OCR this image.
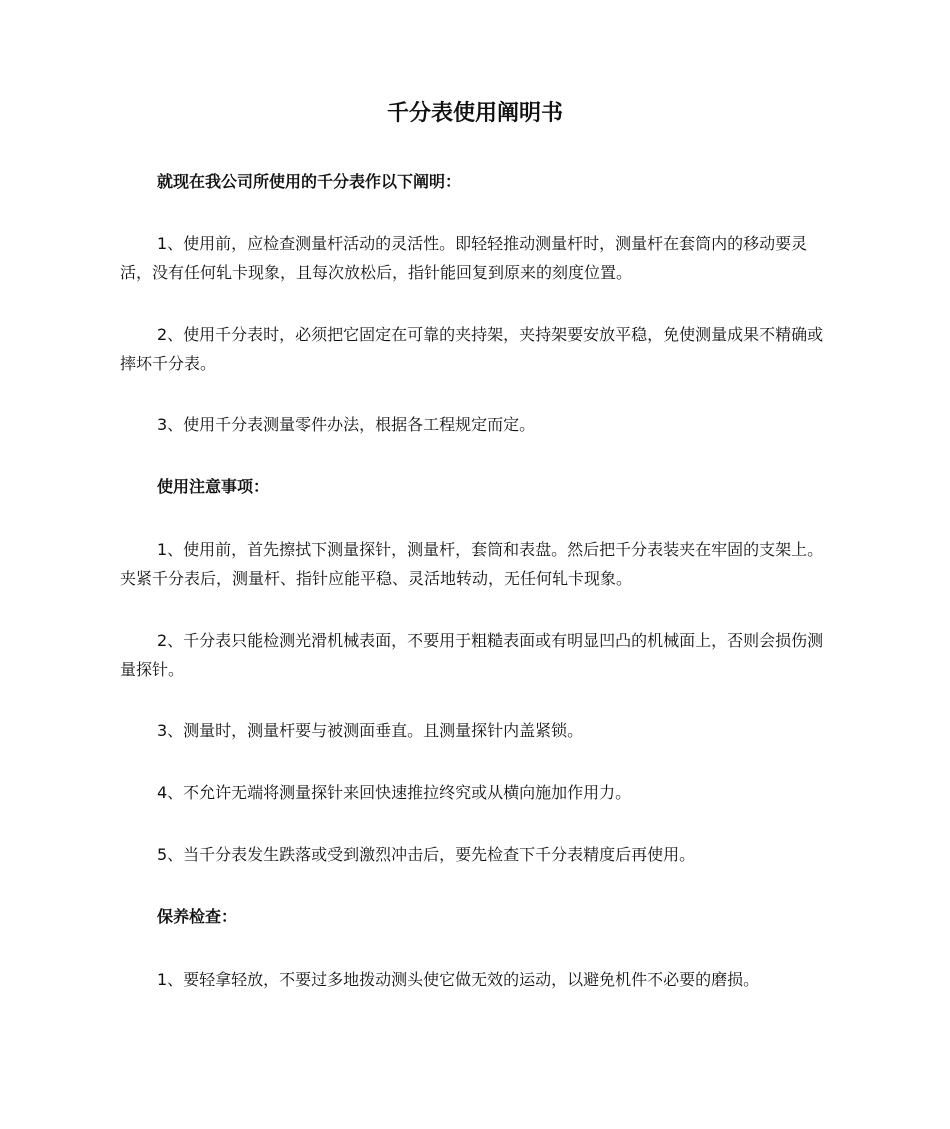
千分表使用阐明书

就现在我公司所使用的千分表作以下阐明：

1、使用前，应检查测量杆活动的灵活性。即轻轻推动测量杆时，测量杆在套筒内的移动要灵活，没有任何轧卡现象，且每次放松后，指针能回复到原来的刻度位置。

2、使用千分表时，必须把它固定在可靠的夹持架，夹持架要安放平稳，免使测量成果不精确或摔坏千分表。

3、使用千分表测量零件办法，根据各工程规定而定。

使用注意事项：

1、使用前，首先擦拭下测量探针，测量杆，套筒和表盘。然后把千分表装夹在牢固的支架上。夹紧千分表后，测量杆、指针应能平稳、灵活地转动，无任何轧卡现象。

2、千分表只能检测光滑机械表面，不要用于粗糙表面或有明显凹凸的机械面上，否则会损伤测量探针。

3、测量时，测量杆要与被测面垂直。且测量探针内盖紧锁。

4、不允许无端将测量探针来回快速推拉终究或从横向施加作用力。

5、当千分表发生跌落或受到激烈冲击后，要先检查下千分表精度后再使用。

保养检查：

1、要轻拿轻放，不要过多地拨动测头使它做无效的运动，以避免机件不必要的磨损。
